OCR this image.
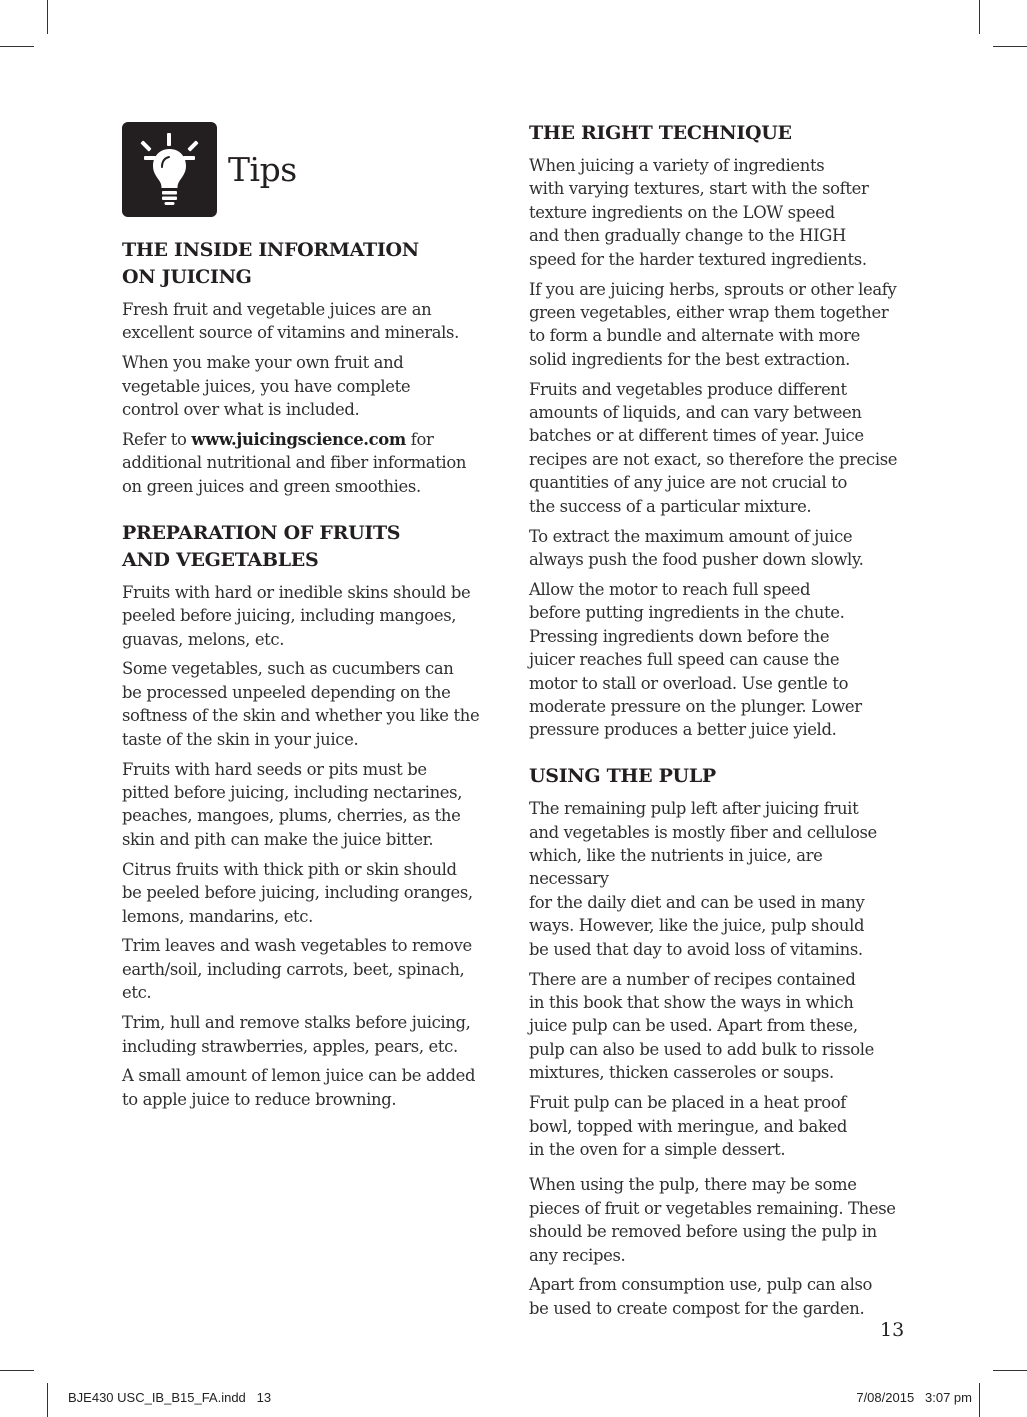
Tips
THE INSIDE INFORMATION
ON JUICING

Fresh fruit and vegetable juices are an
excellent source of vitamins and minerals.

When you make your own fruit and
vegetable juices, you have complete
control over what is included.

Refer to www.juicingscience.com for
additional nutritional and fiber information
on green juices and green smoothies.

PREPARATION OF FRUITS
AND VEGETABLES

Fruits with hard or inedible skins should be
peeled before juicing, including mangoes,
guavas, melons, etc.

Some vegetables, such as cucumbers can
be processed unpeeled depending on the
softness of the skin and whether you like the
taste of the skin in your juice.

Fruits with hard seeds or pits must be
pitted before juicing, including nectarines,
peaches, mangoes, plums, cherries, as the
skin and pith can make the juice bitter.

Citrus fruits with thick pith or skin should
be peeled before juicing, including oranges,
lemons, mandarins, etc.

Trim leaves and wash vegetables to remove
earth/soil, including carrots, beet, spinach,
etc.

Trim, hull and remove stalks before juicing,
including strawberries, apples, pears, etc.

A small amount of lemon juice can be added
to apple juice to reduce browning.

THE RIGHT TECHNIQUE

When juicing a variety of ingredients
with varying textures, start with the softer
texture ingredients on the LOW speed
and then gradually change to the HIGH
speed for the harder textured ingredients.

If you are juicing herbs, sprouts or other leafy
green vegetables, either wrap them together
to form a bundle and alternate with more
solid ingredients for the best extraction.

Fruits and vegetables produce different
amounts of liquids, and can vary between
batches or at different times of year. Juice
recipes are not exact, so therefore the precise
quantities of any juice are not crucial to
the success of a particular mixture.

To extract the maximum amount of juice
always push the food pusher down slowly.

Allow the motor to reach full speed
before putting ingredients in the chute.
Pressing ingredients down before the
juicer reaches full speed can cause the
motor to stall or overload. Use gentle to
moderate pressure on the plunger. Lower
pressure produces a better juice yield.

USING THE PULP

The remaining pulp left after juicing fruit
and vegetables is mostly fiber and cellulose
which, like the nutrients in juice, are necessary
for the daily diet and can be used in many
ways. However, like the juice, pulp should
be used that day to avoid loss of vitamins.

There are a number of recipes contained
in this book that show the ways in which
juice pulp can be used. Apart from these,
pulp can also be used to add bulk to rissole
mixtures, thicken casseroles or soups.

Fruit pulp can be placed in a heat proof
bowl, topped with meringue, and baked
in the oven for a simple dessert.

When using the pulp, there may be some
pieces of fruit or vegetables remaining. These
should be removed before using the pulp in
any recipes.

Apart from consumption use, pulp can also
be used to create compost for the garden.

13
BJE430 USC_IB_B15_FA.indd   13	7/08/2015   3:07 pm
